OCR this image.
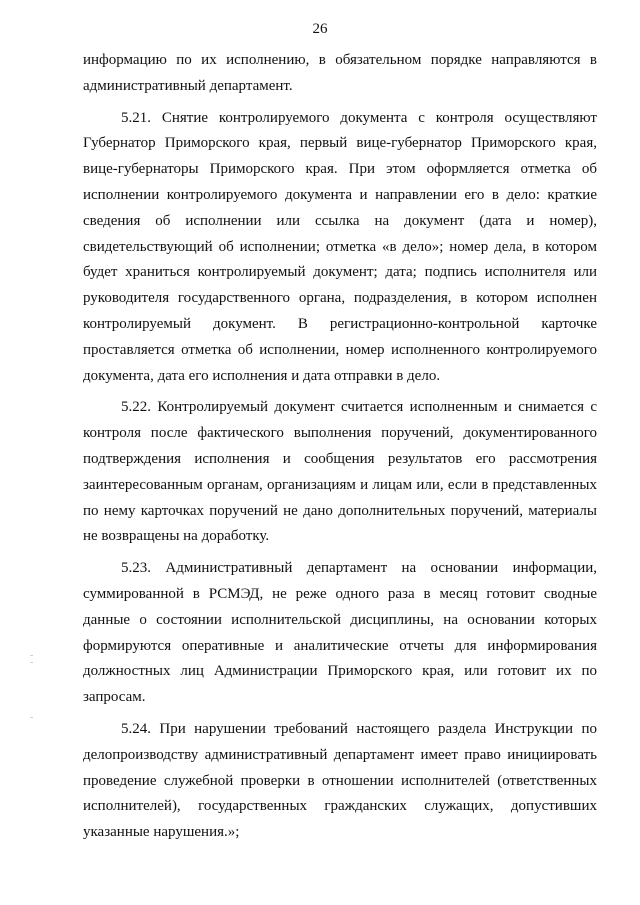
26
информацию по их исполнению, в обязательном порядке направляются в
административный департамент.
5.21. Снятие контролируемого документа с контроля осуществляют
Губернатор Приморского края, первый вице-губернатор Приморского края,
вице-губернаторы Приморского края. При этом оформляется отметка об
исполнении контролируемого документа и направлении его в дело: краткие
сведения об исполнении или ссылка на документ (дата и номер),
свидетельствующий об исполнении; отметка «в дело»; номер дела, в котором
будет храниться контролируемый документ; дата; подпись исполнителя или
руководителя государственного органа, подразделения, в котором исполнен
контролируемый документ. В регистрационно-контрольной карточке
проставляется отметка об исполнении, номер исполненного контролируемого
документа, дата его исполнения и дата отправки в дело.
5.22. Контролируемый документ считается исполненным и снимается с
контроля после фактического выполнения поручений, документированного
подтверждения исполнения и сообщения результатов его рассмотрения
заинтересованным органам, организациям и лицам или, если в представленных
по нему карточках поручений не дано дополнительных поручений, материалы
не возвращены на доработку.
5.23. Административный департамент на основании информации,
суммированной в РСМЭД, не реже одного раза в месяц готовит сводные
данные о состоянии исполнительской дисциплины, на основании которых
формируются оперативные и аналитические отчеты для информирования
должностных лиц Администрации Приморского края, или готовит их по
запросам.
5.24. При нарушении требований настоящего раздела Инструкции по
делопроизводству административный департамент имеет право инициировать
проведение служебной проверки в отношении исполнителей (ответственных
исполнителей), государственных гражданских служащих, допустивших
указанные нарушения.»;
